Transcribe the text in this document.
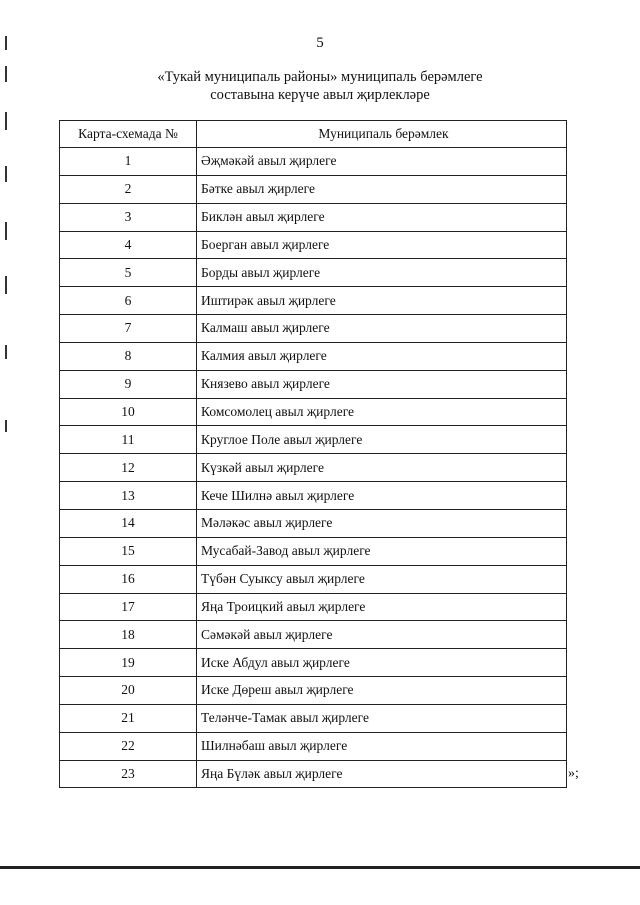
5
«Тукай муниципаль районы» муниципаль берәмлеге
составына керүче авыл җирлекләре
Карта-схемада №	Муниципаль берәмлек
1	Әҗмәкәй авыл җирлеге
2	Бәтке авыл җирлеге
3	Биклән авыл җирлеге
4	Боерган авыл җирлеге
5	Борды авыл җирлеге
6	Иштирәк авыл җирлеге
7	Калмаш авыл җирлеге
8	Калмия авыл җирлеге
9	Князево авыл җирлеге
10	Комсомолец авыл җирлеге
11	Круглое Поле авыл җирлеге
12	Күзкәй авыл җирлеге
13	Кече Шилнә авыл җирлеге
14	Мәләкәс авыл җирлеге
15	Мусабай-Завод авыл җирлеге
16	Түбән Суыксу авыл җирлеге
17	Яңа Троицкий авыл җирлеге
18	Сәмәкәй авыл җирлеге
19	Иске Абдул авыл җирлеге
20	Иске Дөреш авыл җирлеге
21	Теләнче-Тамак авыл җирлеге
22	Шилнәбаш авыл җирлеге
23	Яңа Бүләк авыл җирлеге	»;
